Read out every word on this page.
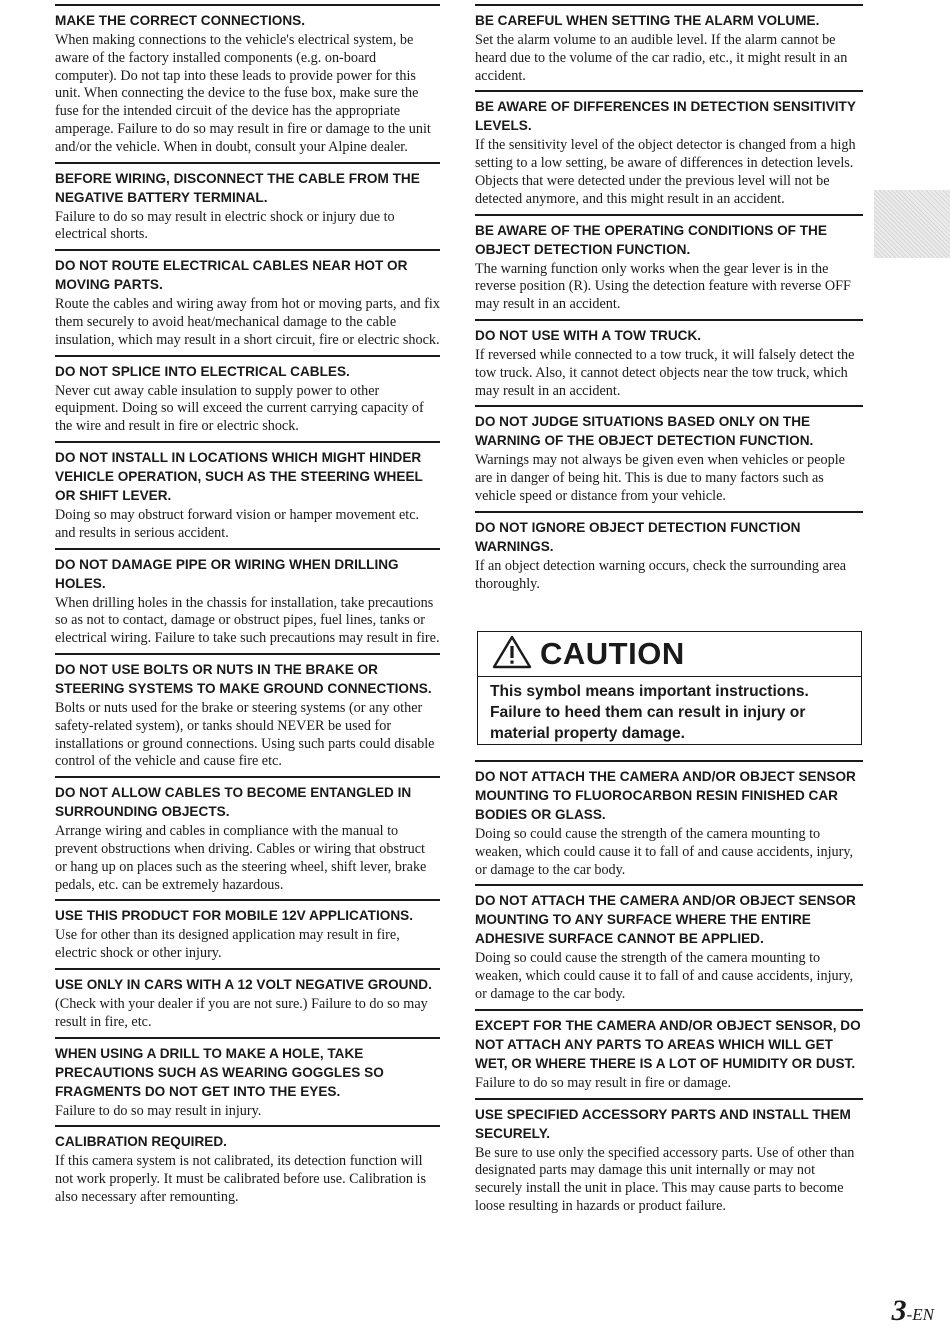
MAKE THE CORRECT CONNECTIONS.
When making connections to the vehicle's electrical system, be aware of the factory installed components (e.g. on-board computer). Do not tap into these leads to provide power for this unit. When connecting the device to the fuse box, make sure the fuse for the intended circuit of the device has the appropriate amperage. Failure to do so may result in fire or damage to the unit and/or the vehicle. When in doubt, consult your Alpine dealer.
BEFORE WIRING, DISCONNECT THE CABLE FROM THE NEGATIVE BATTERY TERMINAL.
Failure to do so may result in electric shock or injury due to electrical shorts.
DO NOT ROUTE ELECTRICAL CABLES NEAR HOT OR MOVING PARTS.
Route the cables and wiring away from hot or moving parts, and fix them securely to avoid heat/mechanical damage to the cable insulation, which may result in a short circuit, fire or electric shock.
DO NOT SPLICE INTO ELECTRICAL CABLES.
Never cut away cable insulation to supply power to other equipment. Doing so will exceed the current carrying capacity of the wire and result in fire or electric shock.
DO NOT INSTALL IN LOCATIONS WHICH MIGHT HINDER VEHICLE OPERATION, SUCH AS THE STEERING WHEEL OR SHIFT LEVER.
Doing so may obstruct forward vision or hamper movement etc. and results in serious accident.
DO NOT DAMAGE PIPE OR WIRING WHEN DRILLING HOLES.
When drilling holes in the chassis for installation, take precautions so as not to contact, damage or obstruct pipes, fuel lines, tanks or electrical wiring. Failure to take such precautions may result in fire.
DO NOT USE BOLTS OR NUTS IN THE BRAKE OR STEERING SYSTEMS TO MAKE GROUND CONNECTIONS.
Bolts or nuts used for the brake or steering systems (or any other safety-related system), or tanks should NEVER be used for installations or ground connections. Using such parts could disable control of the vehicle and cause fire etc.
DO NOT ALLOW CABLES TO BECOME ENTANGLED IN SURROUNDING OBJECTS.
Arrange wiring and cables in compliance with the manual to prevent obstructions when driving. Cables or wiring that obstruct or hang up on places such as the steering wheel, shift lever, brake pedals, etc. can be extremely hazardous.
USE THIS PRODUCT FOR MOBILE 12V APPLICATIONS.
Use for other than its designed application may result in fire, electric shock or other injury.
USE ONLY IN CARS WITH A 12 VOLT NEGATIVE GROUND.
(Check with your dealer if you are not sure.) Failure to do so may result in fire, etc.
WHEN USING A DRILL TO MAKE A HOLE, TAKE PRECAUTIONS SUCH AS WEARING GOGGLES SO FRAGMENTS DO NOT GET INTO THE EYES.
Failure to do so may result in injury.
CALIBRATION REQUIRED.
If this camera system is not calibrated, its detection function will not work properly. It must be calibrated before use. Calibration is also necessary after remounting.
BE CAREFUL WHEN SETTING THE ALARM VOLUME.
Set the alarm volume to an audible level. If the alarm cannot be heard due to the volume of the car radio, etc., it might result in an accident.
BE AWARE OF DIFFERENCES IN DETECTION SENSITIVITY LEVELS.
If the sensitivity level of the object detector is changed from a high setting to a low setting, be aware of differences in detection levels. Objects that were detected under the previous level will not be detected anymore, and this might result in an accident.
BE AWARE OF THE OPERATING CONDITIONS OF THE OBJECT DETECTION FUNCTION.
The warning function only works when the gear lever is in the reverse position (R). Using the detection feature with reverse OFF may result in an accident.
DO NOT USE WITH A TOW TRUCK.
If reversed while connected to a tow truck, it will falsely detect the tow truck. Also, it cannot detect objects near the tow truck, which may result in an accident.
DO NOT JUDGE SITUATIONS BASED ONLY ON THE WARNING OF THE OBJECT DETECTION FUNCTION.
Warnings may not always be given even when vehicles or people are in danger of being hit. This is due to many factors such as vehicle speed or distance from your vehicle.
DO NOT IGNORE OBJECT DETECTION FUNCTION WARNINGS.
If an object detection warning occurs, check the surrounding area thoroughly.
CAUTION
This symbol means important instructions. Failure to heed them can result in injury or material property damage.
DO NOT ATTACH THE CAMERA AND/OR OBJECT SENSOR MOUNTING TO FLUOROCARBON RESIN FINISHED CAR BODIES OR GLASS.
Doing so could cause the strength of the camera mounting to weaken, which could cause it to fall of and cause accidents, injury, or damage to the car body.
DO NOT ATTACH THE CAMERA AND/OR OBJECT SENSOR MOUNTING TO ANY SURFACE WHERE THE ENTIRE ADHESIVE SURFACE CANNOT BE APPLIED.
Doing so could cause the strength of the camera mounting to weaken, which could cause it to fall of and cause accidents, injury, or damage to the car body.
EXCEPT FOR THE CAMERA AND/OR OBJECT SENSOR, DO NOT ATTACH ANY PARTS TO AREAS WHICH WILL GET WET, OR WHERE THERE IS A LOT OF HUMIDITY OR DUST.
Failure to do so may result in fire or damage.
USE SPECIFIED ACCESSORY PARTS AND INSTALL THEM SECURELY.
Be sure to use only the specified accessory parts. Use of other than designated parts may damage this unit internally or may not securely install the unit in place. This may cause parts to become loose resulting in hazards or product failure.
3-EN
